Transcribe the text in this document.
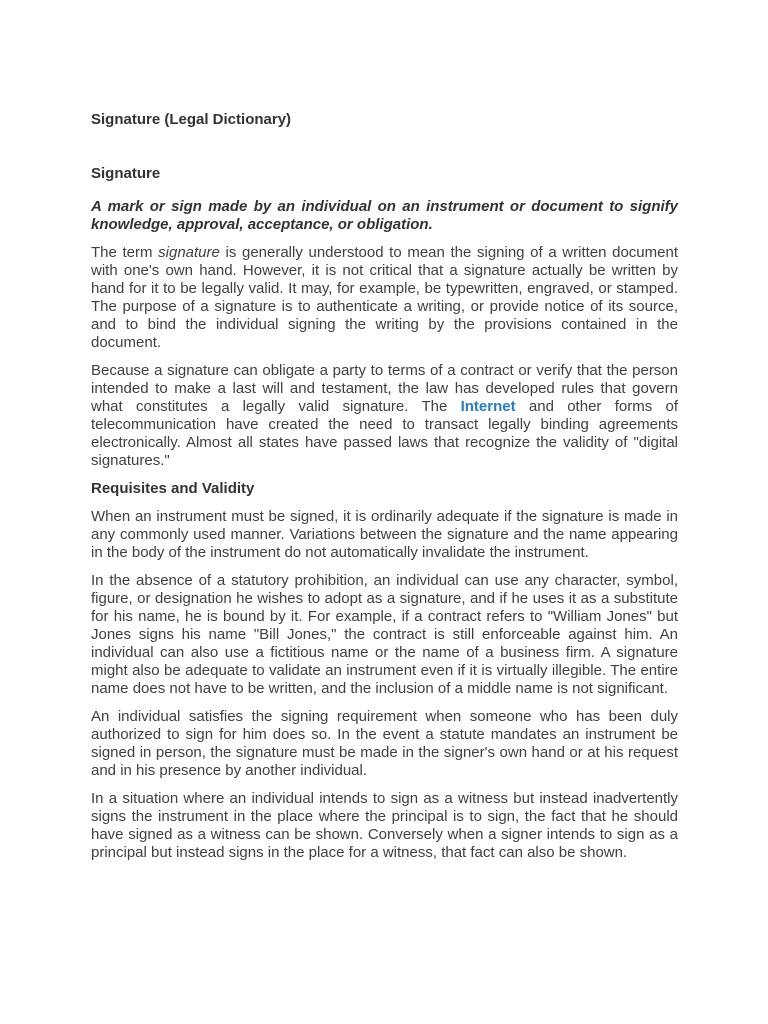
Signature (Legal Dictionary)
Signature

A mark or sign made by an individual on an instrument or document to signify knowledge, approval, acceptance, or obligation.

The term signature is generally understood to mean the signing of a written document with one's own hand. However, it is not critical that a signature actually be written by hand for it to be legally valid. It may, for example, be typewritten, engraved, or stamped. The purpose of a signature is to authenticate a writing, or provide notice of its source, and to bind the individual signing the writing by the provisions contained in the document.

Because a signature can obligate a party to terms of a contract or verify that the person intended to make a last will and testament, the law has developed rules that govern what constitutes a legally valid signature. The Internet and other forms of telecommunication have created the need to transact legally binding agreements electronically. Almost all states have passed laws that recognize the validity of "digital signatures."

Requisites and Validity

When an instrument must be signed, it is ordinarily adequate if the signature is made in any commonly used manner. Variations between the signature and the name appearing in the body of the instrument do not automatically invalidate the instrument.

In the absence of a statutory prohibition, an individual can use any character, symbol, figure, or designation he wishes to adopt as a signature, and if he uses it as a substitute for his name, he is bound by it. For example, if a contract refers to "William Jones" but Jones signs his name "Bill Jones," the contract is still enforceable against him. An individual can also use a fictitious name or the name of a business firm. A signature might also be adequate to validate an instrument even if it is virtually illegible. The entire name does not have to be written, and the inclusion of a middle name is not significant.

An individual satisfies the signing requirement when someone who has been duly authorized to sign for him does so. In the event a statute mandates an instrument be signed in person, the signature must be made in the signer's own hand or at his request and in his presence by another individual.

In a situation where an individual intends to sign as a witness but instead inadvertently signs the instrument in the place where the principal is to sign, the fact that he should have signed as a witness can be shown. Conversely when a signer intends to sign as a principal but instead signs in the place for a witness, that fact can also be shown.
